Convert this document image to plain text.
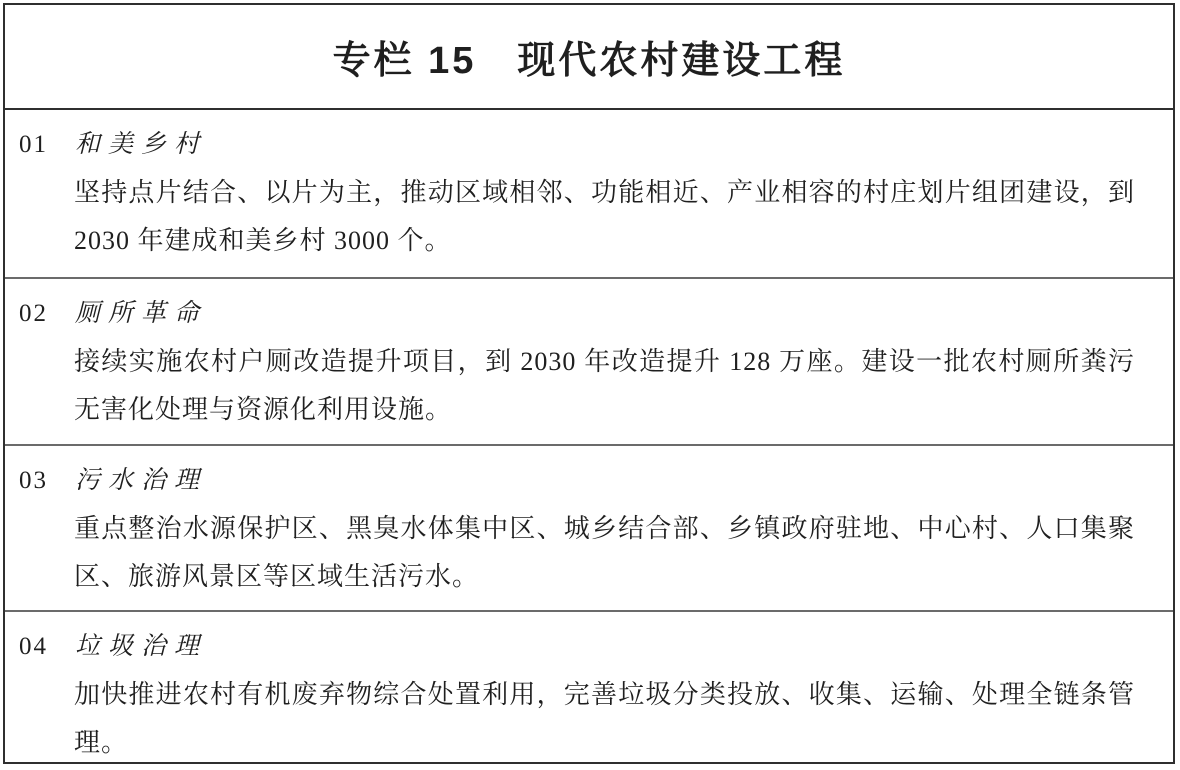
专栏 15　现代农村建设工程
01 和美乡村

坚持点片结合、以片为主，推动区域相邻、功能相近、产业相容的村庄划片组团建设，到 2030 年建成和美乡村 3000 个。

02 厕所革命

接续实施农村户厕改造提升项目，到 2030 年改造提升 128 万座。建设一批农村厕所粪污无害化处理与资源化利用设施。

03 污水治理

重点整治水源保护区、黑臭水体集中区、城乡结合部、乡镇政府驻地、中心村、人口集聚区、旅游风景区等区域生活污水。

04 垃圾治理

加快推进农村有机废弃物综合处置利用，完善垃圾分类投放、收集、运输、处理全链条管理。
